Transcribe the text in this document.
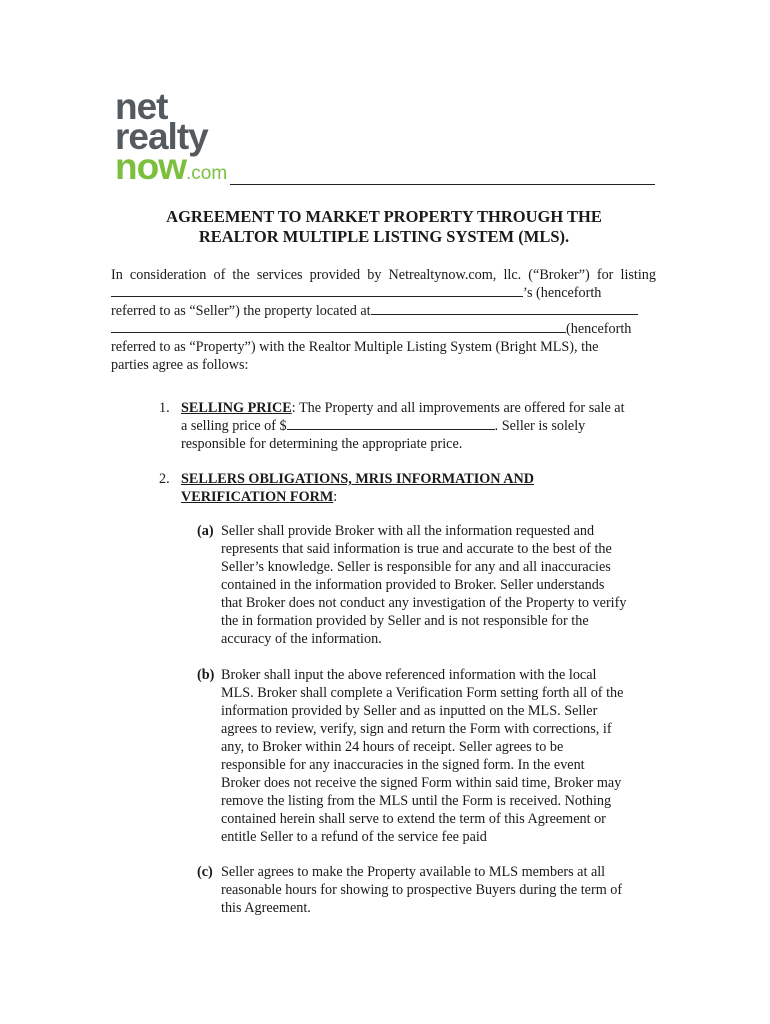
net
realty
now.com
AGREEMENT TO MARKET PROPERTY THROUGH THE
REALTOR MULTIPLE LISTING SYSTEM (MLS).
In consideration of the services provided by Netrealtynow.com, llc. (“Broker”) for listing
’s (henceforth
referred to as “Seller”) the property located at
(henceforth
referred to as “Property”) with the Realtor Multiple Listing System (Bright MLS), the
parties agree as follows:
1. SELLING PRICE: The Property and all improvements are offered for sale at
a selling price of $	. Seller is solely
responsible for determining the appropriate price.
2. SELLERS OBLIGATIONS, MRIS INFORMATION AND
VERIFICATION FORM:
(a) Seller shall provide Broker with all the information requested and
represents that said information is true and accurate to the best of the
Seller’s knowledge. Seller is responsible for any and all inaccuracies
contained in the information provided to Broker. Seller understands
that Broker does not conduct any investigation of the Property to verify
the in formation provided by Seller and is not responsible for the
accuracy of the information.
(b) Broker shall input the above referenced information with the local
MLS. Broker shall complete a Verification Form setting forth all of the
information provided by Seller and as inputted on the MLS. Seller
agrees to review, verify, sign and return the Form with corrections, if
any, to Broker within 24 hours of receipt. Seller agrees to be
responsible for any inaccuracies in the signed form. In the event
Broker does not receive the signed Form within said time, Broker may
remove the listing from the MLS until the Form is received. Nothing
contained herein shall serve to extend the term of this Agreement or
entitle Seller to a refund of the service fee paid
(c) Seller agrees to make the Property available to MLS members at all
reasonable hours for showing to prospective Buyers during the term of
this Agreement.
